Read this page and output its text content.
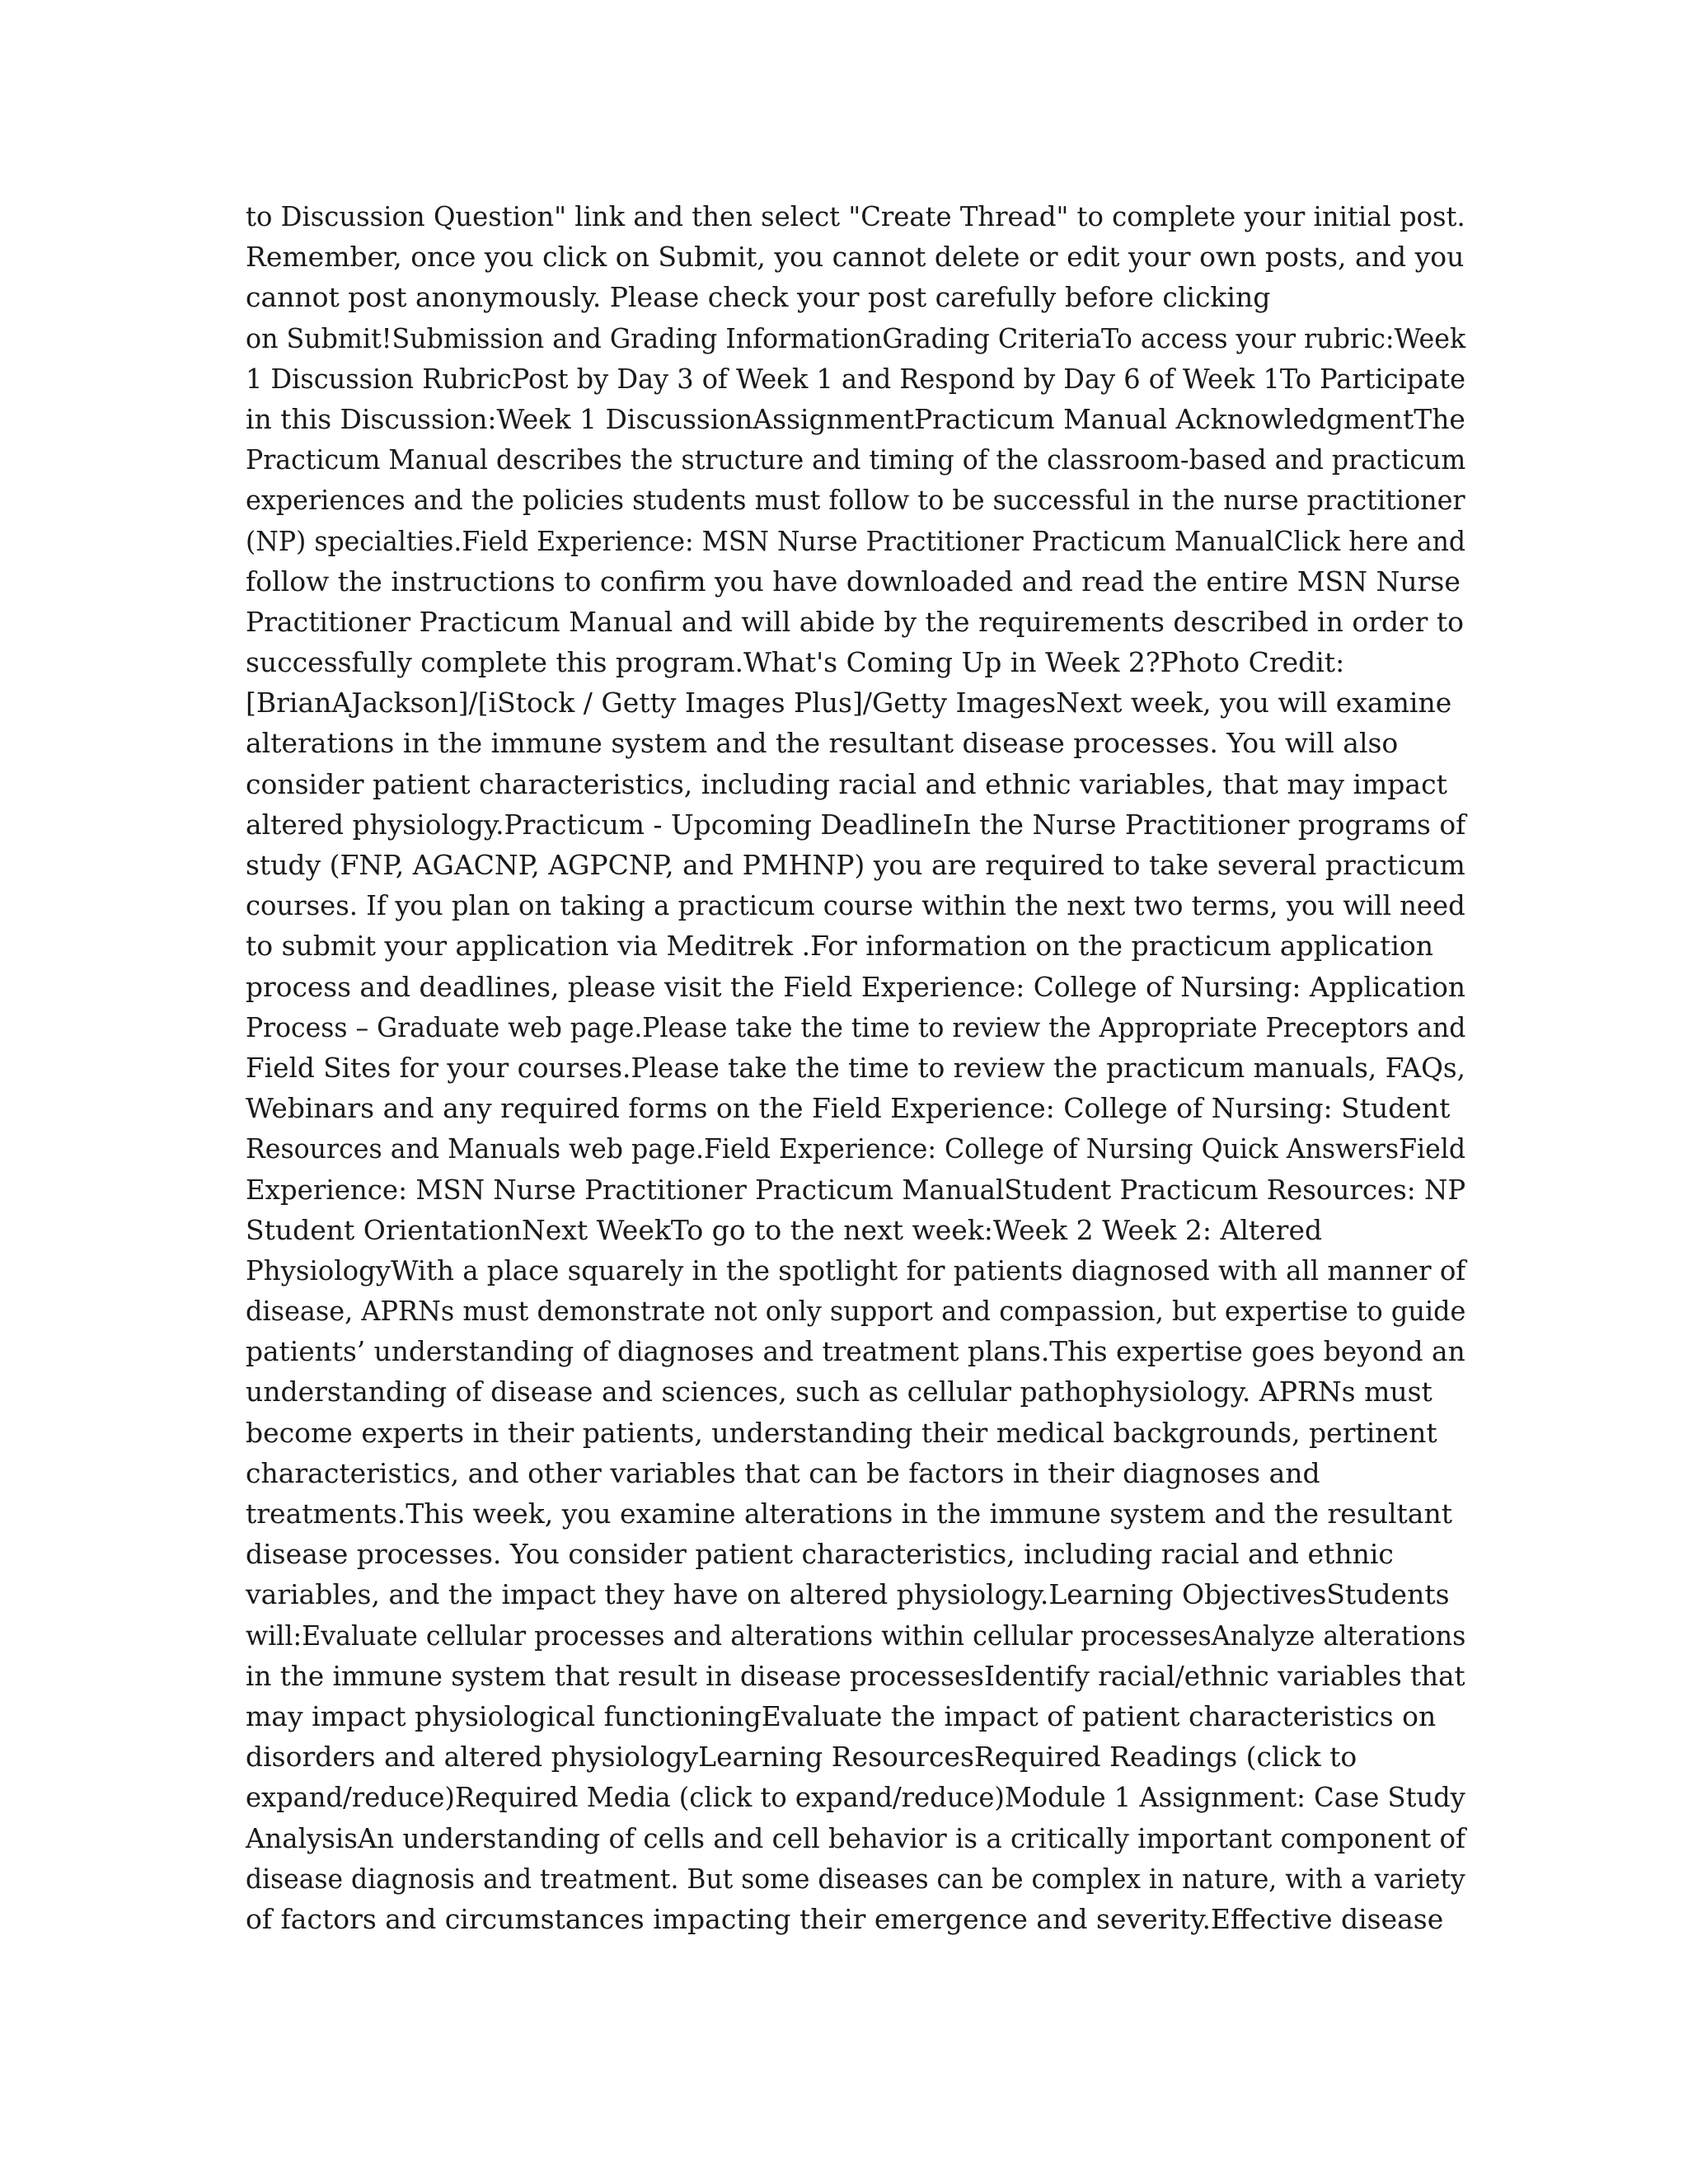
to Discussion Question" link and then select "Create Thread" to complete your initial post.
Remember, once you click on Submit, you cannot delete or edit your own posts, and you
cannot post anonymously. Please check your post carefully before clicking
on Submit!Submission and Grading InformationGrading CriteriaTo access your rubric:Week
1 Discussion RubricPost by Day 3 of Week 1 and Respond by Day 6 of Week 1To Participate
in this Discussion:Week 1 DiscussionAssignmentPracticum Manual AcknowledgmentThe
Practicum Manual describes the structure and timing of the classroom-based and practicum
experiences and the policies students must follow to be successful in the nurse practitioner
(NP) specialties.Field Experience: MSN Nurse Practitioner Practicum ManualClick here and
follow the instructions to confirm you have downloaded and read the entire MSN Nurse
Practitioner Practicum Manual and will abide by the requirements described in order to
successfully complete this program.What's Coming Up in Week 2?Photo Credit:
[BrianAJackson]/[iStock / Getty Images Plus]/Getty ImagesNext week, you will examine
alterations in the immune system and the resultant disease processes. You will also
consider patient characteristics, including racial and ethnic variables, that may impact
altered physiology.Practicum - Upcoming DeadlineIn the Nurse Practitioner programs of
study (FNP, AGACNP, AGPCNP, and PMHNP) you are required to take several practicum
courses. If you plan on taking a practicum course within the next two terms, you will need
to submit your application via Meditrek .For information on the practicum application
process and deadlines, please visit the Field Experience: College of Nursing: Application
Process – Graduate web page.Please take the time to review the Appropriate Preceptors and
Field Sites for your courses.Please take the time to review the practicum manuals, FAQs,
Webinars and any required forms on the Field Experience: College of Nursing: Student
Resources and Manuals web page.Field Experience: College of Nursing Quick AnswersField
Experience: MSN Nurse Practitioner Practicum ManualStudent Practicum Resources: NP
Student OrientationNext WeekTo go to the next week:Week 2 Week 2: Altered
PhysiologyWith a place squarely in the spotlight for patients diagnosed with all manner of
disease, APRNs must demonstrate not only support and compassion, but expertise to guide
patients’ understanding of diagnoses and treatment plans.This expertise goes beyond an
understanding of disease and sciences, such as cellular pathophysiology. APRNs must
become experts in their patients, understanding their medical backgrounds, pertinent
characteristics, and other variables that can be factors in their diagnoses and
treatments.This week, you examine alterations in the immune system and the resultant
disease processes. You consider patient characteristics, including racial and ethnic
variables, and the impact they have on altered physiology.Learning ObjectivesStudents
will:Evaluate cellular processes and alterations within cellular processesAnalyze alterations
in the immune system that result in disease processesIdentify racial/ethnic variables that
may impact physiological functioningEvaluate the impact of patient characteristics on
disorders and altered physiologyLearning ResourcesRequired Readings (click to
expand/reduce)Required Media (click to expand/reduce)Module 1 Assignment: Case Study
AnalysisAn understanding of cells and cell behavior is a critically important component of
disease diagnosis and treatment. But some diseases can be complex in nature, with a variety
of factors and circumstances impacting their emergence and severity.Effective disease
